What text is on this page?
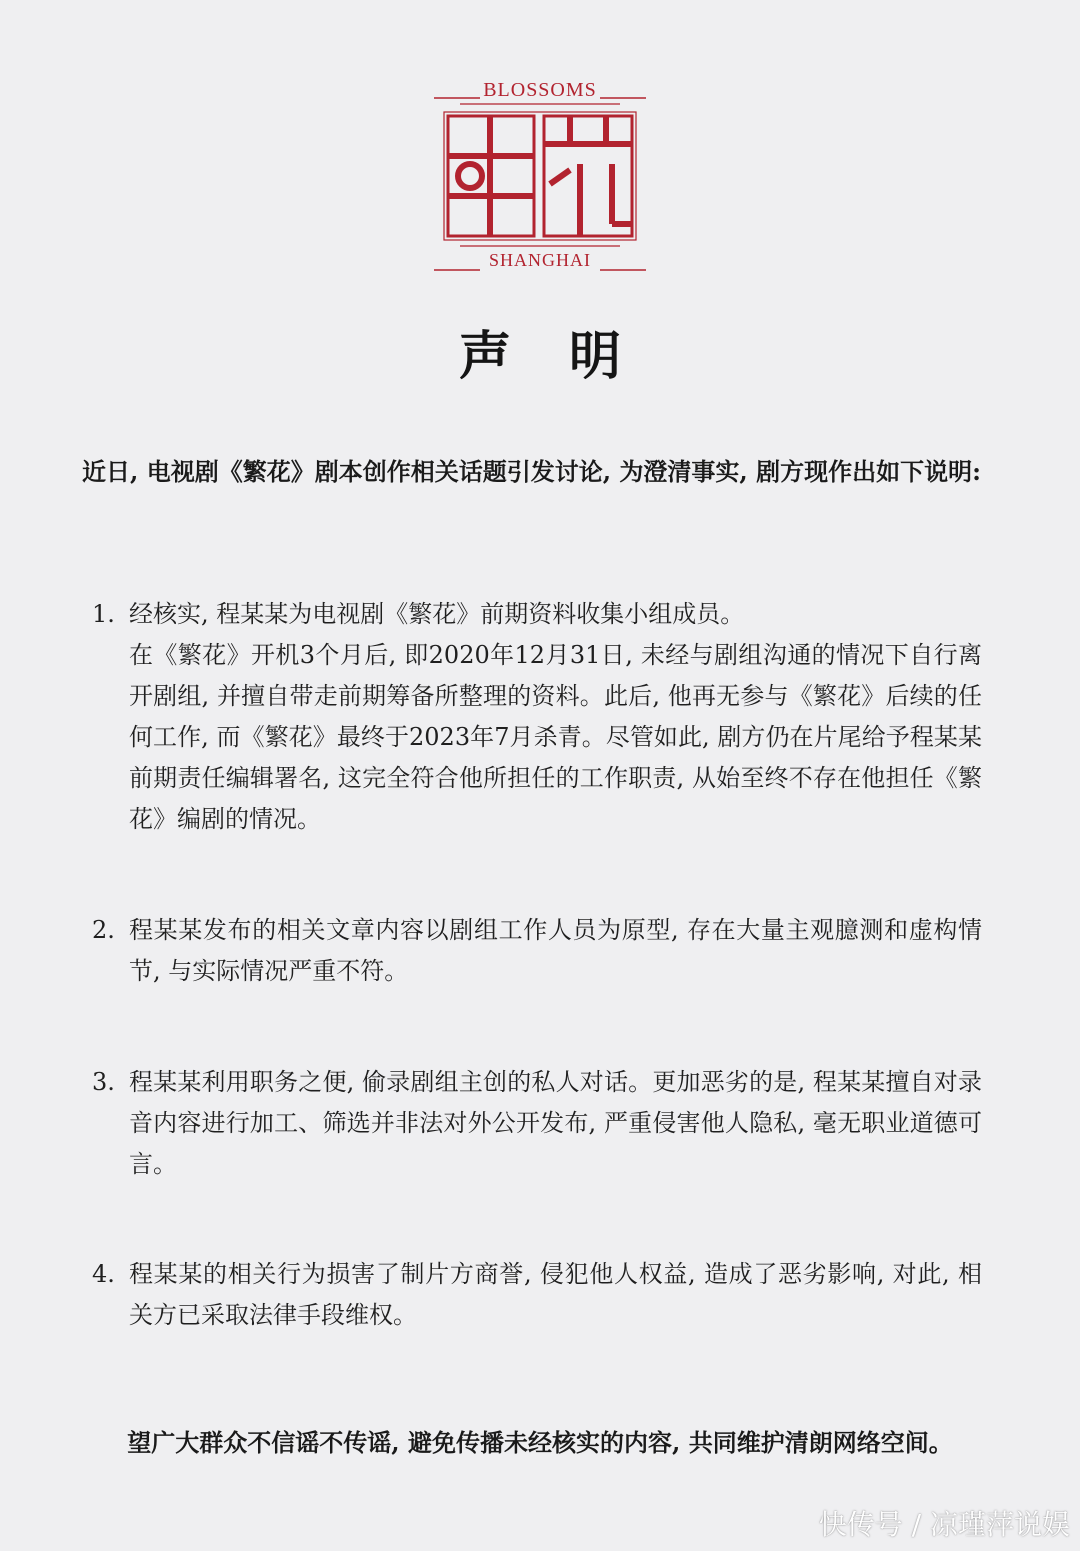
BLOSSOMS
SHANGHAI
声明
近日, 电视剧《繁花》剧本创作相关话题引发讨论, 为澄清事实, 剧方现作出如下说明:
1. 经核实, 程某某为电视剧《繁花》前期资料收集小组成员。

在《繁花》开机3个月后, 即2020年12月31日, 未经与剧组沟通的情况下自行离开剧组, 并擅自带走前期筹备所整理的资料。此后, 他再无参与《繁花》后续的任何工作, 而《繁花》最终于2023年7月杀青。尽管如此, 剧方仍在片尾给予程某某前期责任编辑署名, 这完全符合他所担任的工作职责, 从始至终不存在他担任《繁花》编剧的情况。

2. 程某某发布的相关文章内容以剧组工作人员为原型, 存在大量主观臆测和虚构情节, 与实际情况严重不符。

3. 程某某利用职务之便, 偷录剧组主创的私人对话。更加恶劣的是, 程某某擅自对录音内容进行加工、筛选并非法对外公开发布, 严重侵害他人隐私, 毫无职业道德可言。

4. 程某某的相关行为损害了制片方商誉, 侵犯他人权益, 造成了恶劣影响, 对此, 相关方已采取法律手段维权。

望广大群众不信谣不传谣, 避免传播未经核实的内容, 共同维护清朗网络空间。
快传号 / 凉瑾萍说娱
